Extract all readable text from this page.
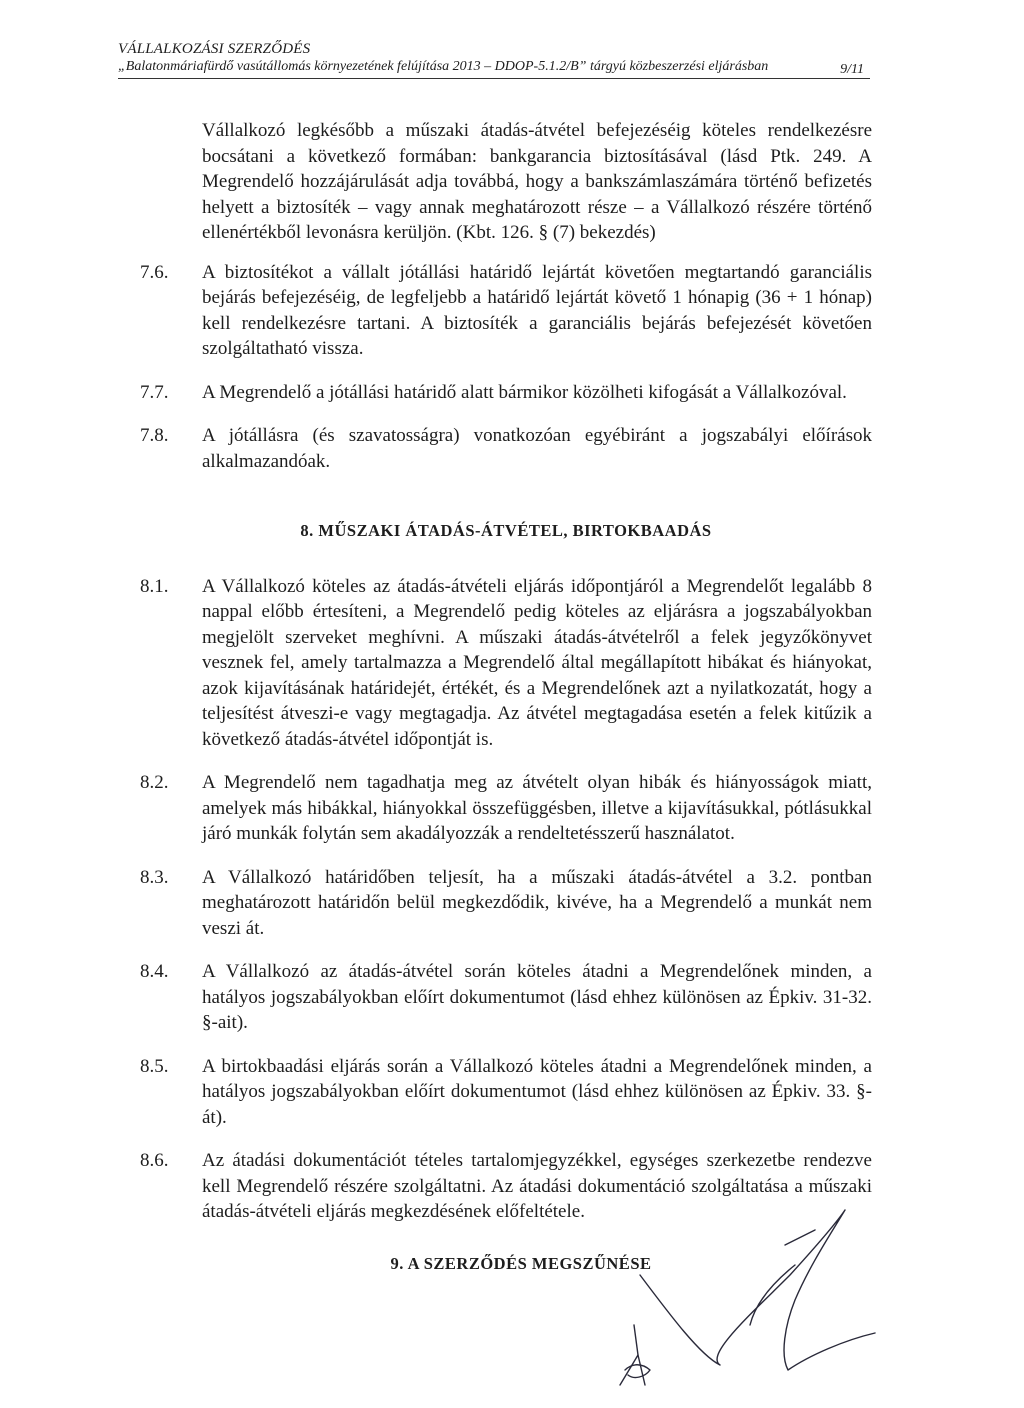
VÁLLALKOZÁSI SZERZŐDÉS
„Balatonmáriafürdő vasútállomás környezetének felújítása 2013 – DDOP-5.1.2/B” tárgyú közbeszerzési eljárásban	9/11

Vállalkozó legkésőbb a műszaki átadás-átvétel befejezéséig köteles rendelkezésre bocsátani a következő formában: bankgarancia biztosításával (lásd Ptk. 249. A Megrendelő hozzájárulását adja továbbá, hogy a bankszámlaszámára történő befizetés helyett a biztosíték – vagy annak meghatározott része – a Vállalkozó részére történő ellenértékből levonásra kerüljön. (Kbt. 126. § (7) bekezdés)

7.6.	A biztosítékot a vállalt jótállási határidő lejártát követően megtartandó garanciális bejárás befejezéséig, de legfeljebb a határidő lejártát követő 1 hónapig (36 + 1 hónap) kell rendelkezésre tartani. A biztosíték a garanciális bejárás befejezését követően szolgáltatható vissza.
7.7.	A Megrendelő a jótállási határidő alatt bármikor közölheti kifogását a Vállalkozóval.
7.8.	A jótállásra (és szavatosságra) vonatkozóan egyébiránt a jogszabályi előírások alkalmazandóak.
8. MŰSZAKI ÁTADÁS-ÁTVÉTEL, BIRTOKBAADÁS
8.1.	A Vállalkozó köteles az átadás-átvételi eljárás időpontjáról a Megrendelőt legalább 8 nappal előbb értesíteni, a Megrendelő pedig köteles az eljárásra a jogszabályokban megjelölt szerveket meghívni. A műszaki átadás-átvételről a felek jegyzőkönyvet vesznek fel, amely tartalmazza a Megrendelő által megállapított hibákat és hiányokat, azok kijavításának határidejét, értékét, és a Megrendelőnek azt a nyilatkozatát, hogy a teljesítést átveszi-e vagy megtagadja. Az átvétel megtagadása esetén a felek kitűzik a következő átadás-átvétel időpontját is.
8.2.	A Megrendelő nem tagadhatja meg az átvételt olyan hibák és hiányosságok miatt, amelyek más hibákkal, hiányokkal összefüggésben, illetve a kijavításukkal, pótlásukkal járó munkák folytán sem akadályozzák a rendeltetésszerű használatot.
8.3.	A Vállalkozó határidőben teljesít, ha a műszaki átadás-átvétel a 3.2. pontban meghatározott határidőn belül megkezdődik, kivéve, ha a Megrendelő a munkát nem veszi át.
8.4.	A Vállalkozó az átadás-átvétel során köteles átadni a Megrendelőnek minden, a hatályos jogszabályokban előírt dokumentumot (lásd ehhez különösen az Épkiv. 31-32. §-ait).
8.5.	A birtokbaadási eljárás során a Vállalkozó köteles átadni a Megrendelőnek minden, a hatályos jogszabályokban előírt dokumentumot (lásd ehhez különösen az Épkiv. 33. §-át).
8.6.	Az átadási dokumentációt tételes tartalomjegyzékkel, egységes szerkezetbe rendezve kell Megrendelő részére szolgáltatni. Az átadási dokumentáció szolgáltatása a műszaki átadás-átvételi eljárás megkezdésének előfeltétele.
9. A SZERZŐDÉS MEGSZŰNÉSE
